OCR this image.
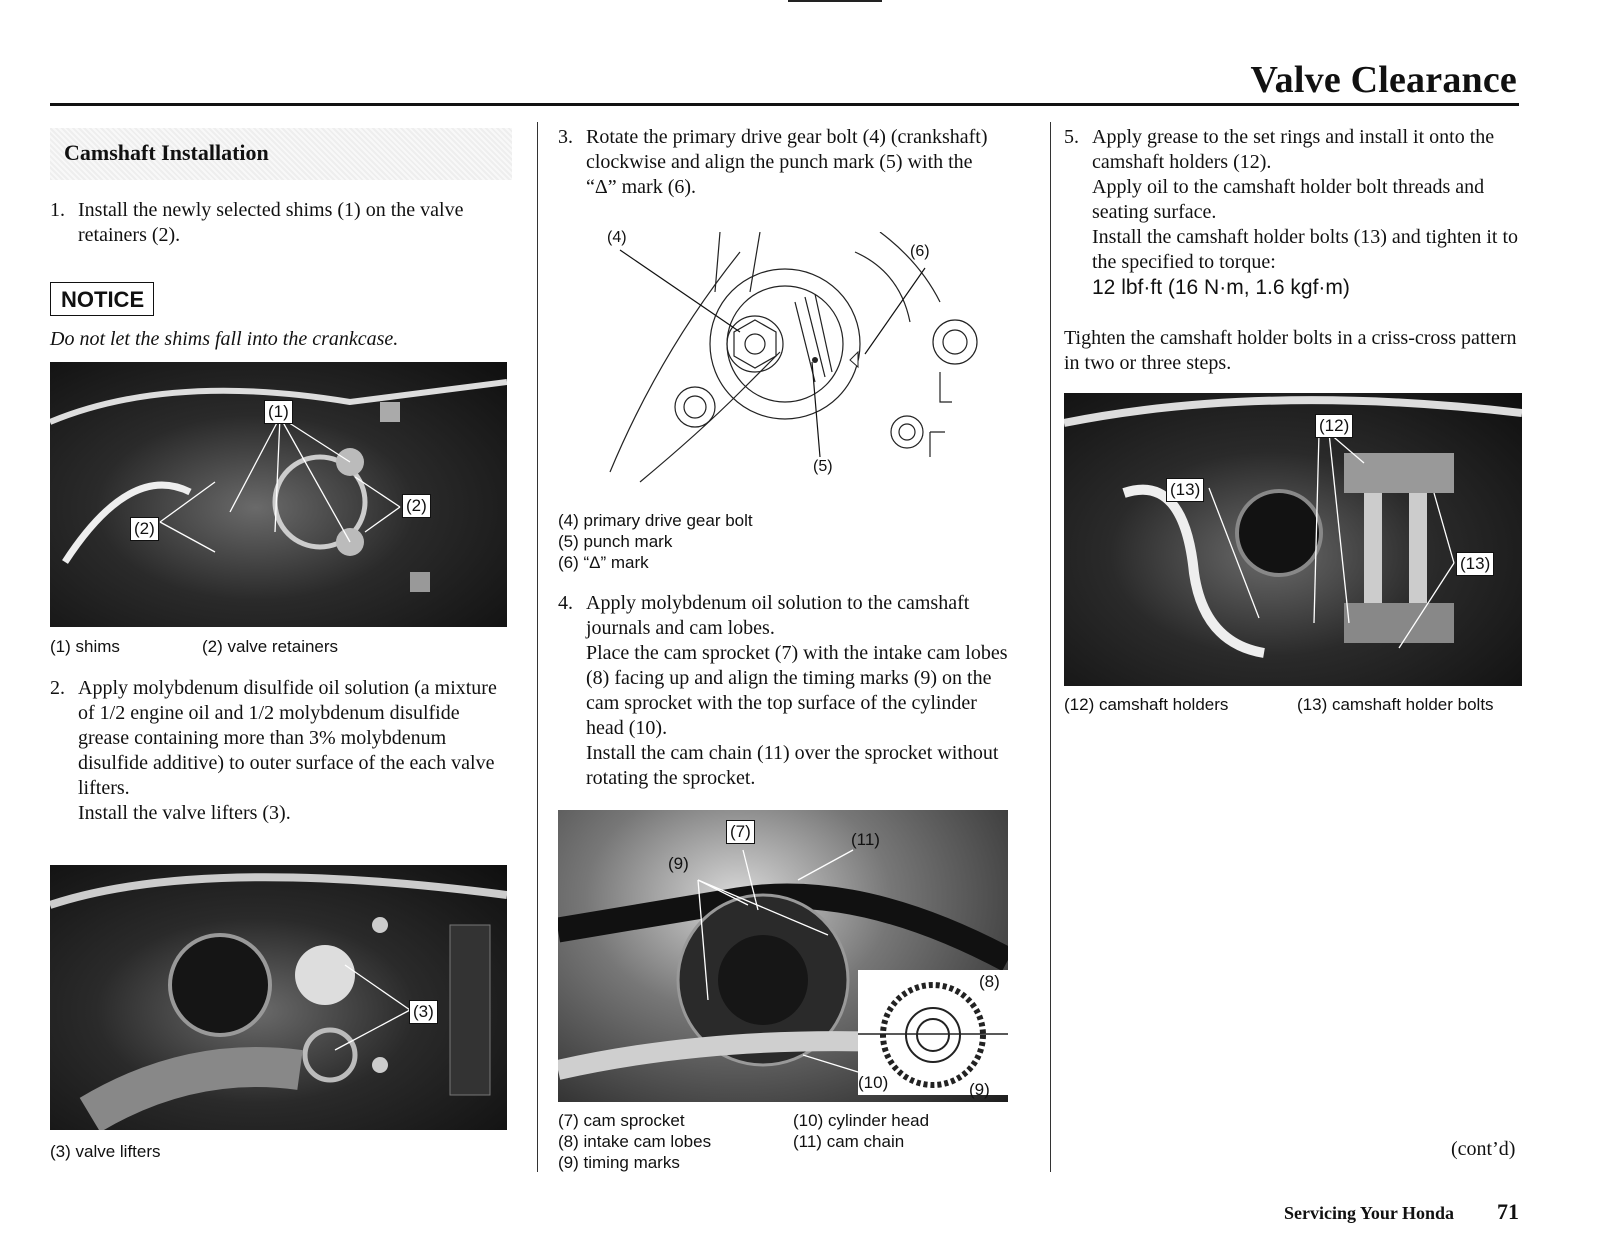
Valve Clearance
Camshaft Installation
1. Install the newly selected shims (1) on the valve retainers (2).

NOTICE
Do not let the shims fall into the crankcase.
(1)
(2)
(2)
(1) shims	(2) valve retainers
2. Apply molybdenum disulfide oil solution (a mixture of 1/2 engine oil and 1/2 molybdenum disulfide grease containing more than 3% molybdenum disulfide additive) to outer surface of the each valve lifters.

Install the valve lifters (3).

(3)
(3) valve lifters
3. Rotate the primary drive gear bolt (4) (crankshaft) clockwise and align the punch mark (5) with the “Δ” mark (6).

(4)
(6)
(5)
(4) primary drive gear bolt
(5) punch mark
(6) “Δ” mark
4. Apply molybdenum oil solution to the camshaft journals and cam lobes.

Place the cam sprocket (7) with the intake cam lobes (8) facing up and align the timing marks (9) on the cam sprocket with the top surface of the cylinder head (10).

Install the cam chain (11) over the sprocket without rotating the sprocket.

(7)	(11)
(9)
(8)
(10)	(9)
(7) cam sprocket
(8) intake cam lobes
(9) timing marks
(10) cylinder head
(11) cam chain
5. Apply grease to the set rings and install it onto the camshaft holders (12).

Apply oil to the camshaft holder bolt threads and seating surface.

Install the camshaft holder bolts (13) and tighten it to the specified to torque:

12 lbf·ft (16 N·m, 1.6 kgf·m)

Tighten the camshaft holder bolts in a criss-cross pattern in two or three steps.
(12)
(13)
(13)
(12) camshaft holders	(13) camshaft holder bolts
(cont’d)
Servicing Your Honda 71
